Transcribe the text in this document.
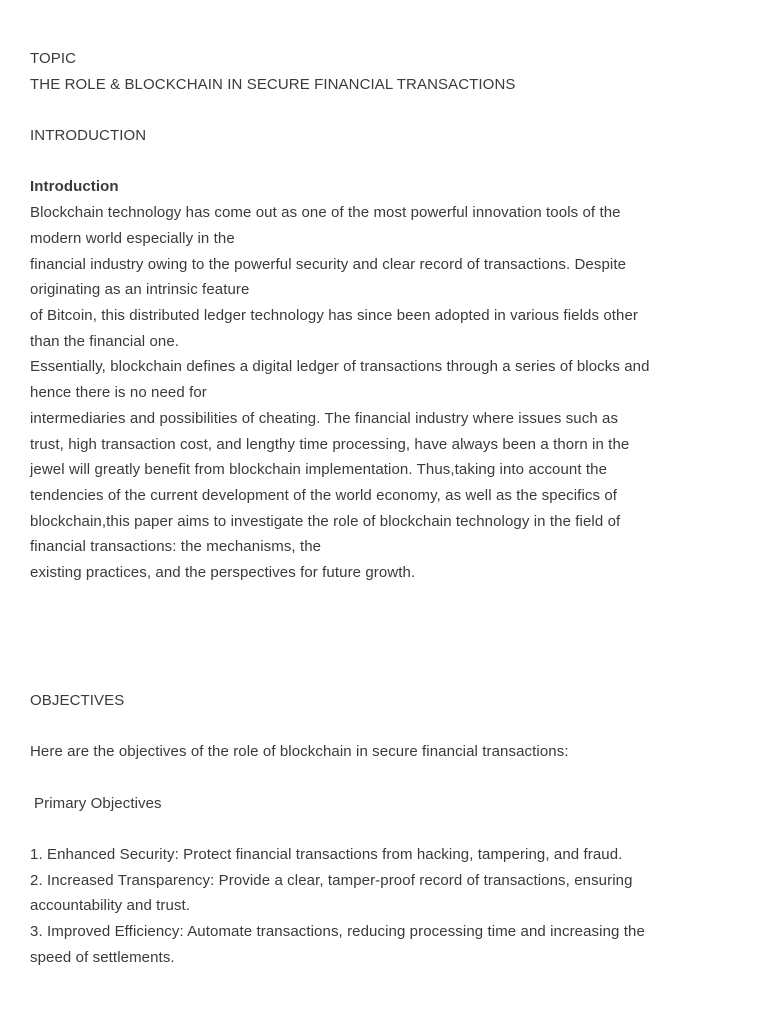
TOPIC
THE ROLE & BLOCKCHAIN IN SECURE FINANCIAL TRANSACTIONS
INTRODUCTION
Introduction
Blockchain technology has come out as one of the most powerful innovation tools of the
modern world especially in the
financial industry owing to the powerful security and clear record of transactions. Despite
originating as an intrinsic feature
of Bitcoin, this distributed ledger technology has since been adopted in various fields other
than the financial one.
Essentially, blockchain defines a digital ledger of transactions through a series of blocks and
hence there is no need for
intermediaries and possibilities of cheating. The financial industry where issues such as
trust, high transaction cost, and lengthy time processing, have always been a thorn in the
jewel will greatly benefit from blockchain implementation. Thus,taking into account the
tendencies of the current development of the world economy, as well as the specifics of
blockchain,this paper aims to investigate the role of blockchain technology in the field of
financial transactions: the mechanisms, the
existing practices, and the perspectives for future growth.
OBJECTIVES
Here are the objectives of the role of blockchain in secure financial transactions:
Primary Objectives
1. Enhanced Security: Protect financial transactions from hacking, tampering, and fraud.
2. Increased Transparency: Provide a clear, tamper-proof record of transactions, ensuring
accountability and trust.
3. Improved Efficiency: Automate transactions, reducing processing time and increasing the
speed of settlements.
